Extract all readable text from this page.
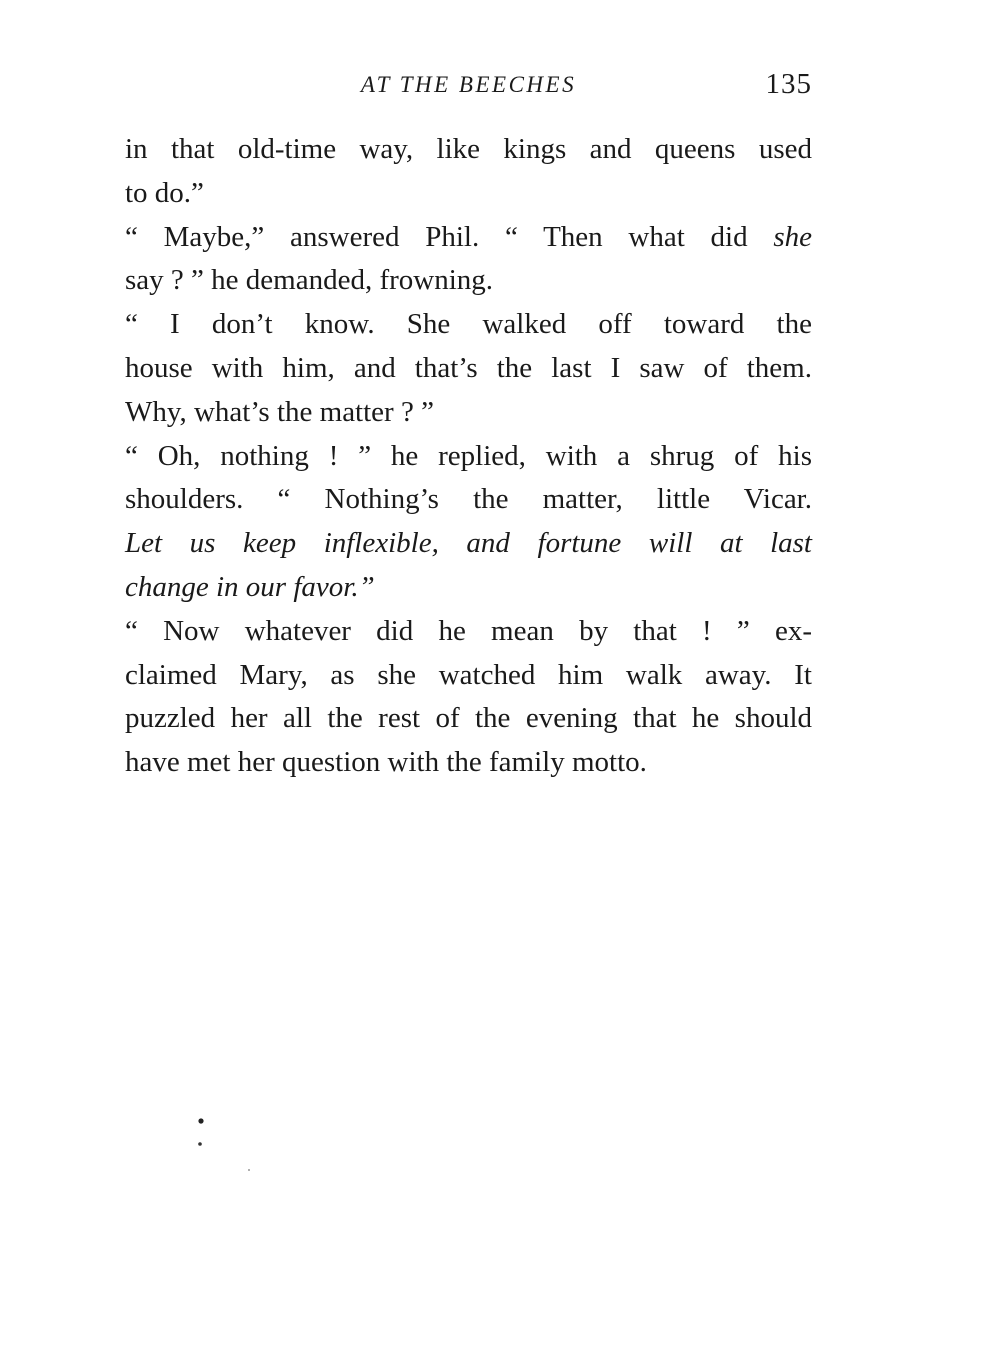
AT THE BEECHES	135
in that old-time way, like kings and queens used
to do.”
“ Maybe,” answered Phil. “ Then what did she
say ? ” he demanded, frowning.
“ I don’t know. She walked off toward the
house with him, and that’s the last I saw of them.
Why, what’s the matter ? ”
“ Oh, nothing ! ” he replied, with a shrug of his
shoulders. “ Nothing’s the matter, little Vicar.
Let us keep inflexible, and fortune will at last
change in our favor.”
“ Now whatever did he mean by that ! ” ex-
claimed Mary, as she watched him walk away. It
puzzled her all the rest of the evening that he should
have met her question with the family motto.
